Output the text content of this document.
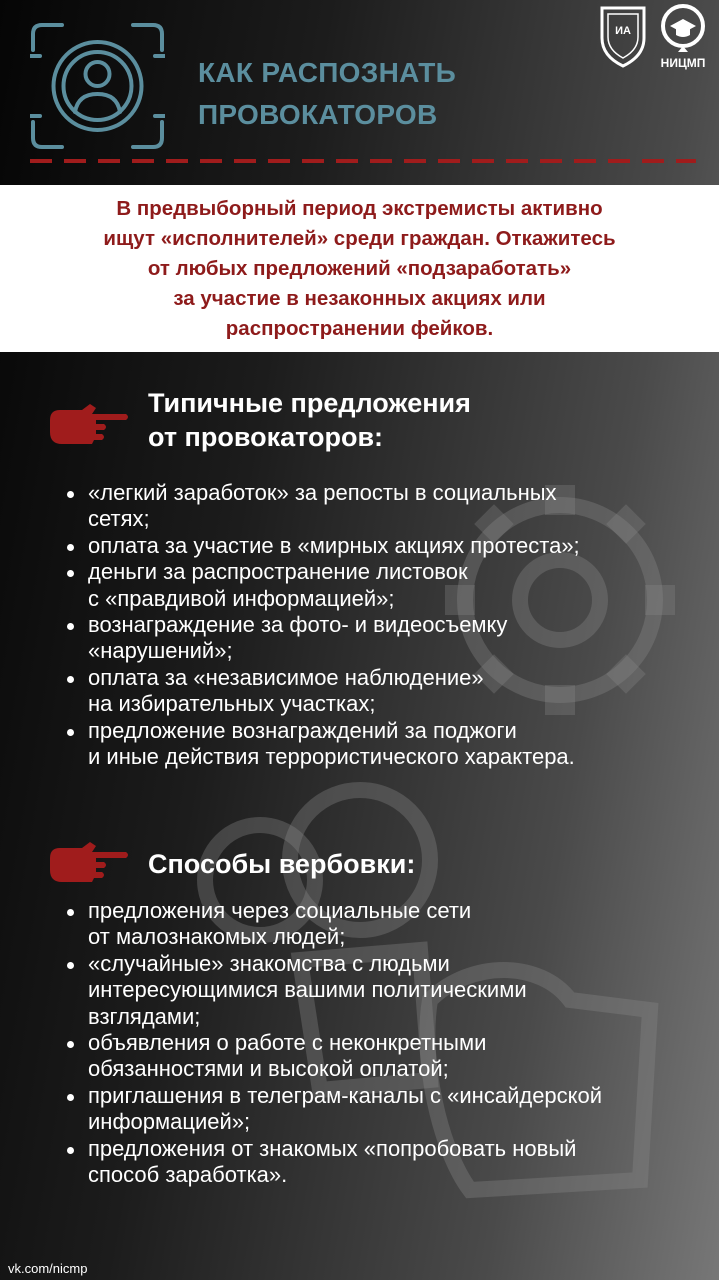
КАК РАСПОЗНАТЬ
ПРОВОКАТОРОВ
ИА
НИЦМП

В предвыборный период экстремисты активно
ищут «исполнителей» среди граждан. Откажитесь
от любых предложений «подзаработать»
за участие в незаконных акциях или
распространении фейков.

Типичные предложения
от провокаторов:
«легкий заработок» за репосты в социальных
сетях;
оплата за участие в «мирных акциях протеста»;
деньги за распространение листовок
с «правдивой информацией»;
вознаграждение за фото- и видеосъемку
«нарушений»;
оплата за «независимое наблюдение»
на избирательных участках;
предложение вознаграждений за поджоги
и иные действия террористического характера.
Способы вербовки:
предложения через социальные сети
от малознакомых людей;
«случайные» знакомства с людьми
интересующимися вашими политическими
взглядами;
объявления о работе с неконкретными
обязанностями и высокой оплатой;
приглашения в телеграм-каналы с «инсайдерской
информацией»;
предложения от знакомых «попробовать новый
способ заработка».
vk.com/nicmp
